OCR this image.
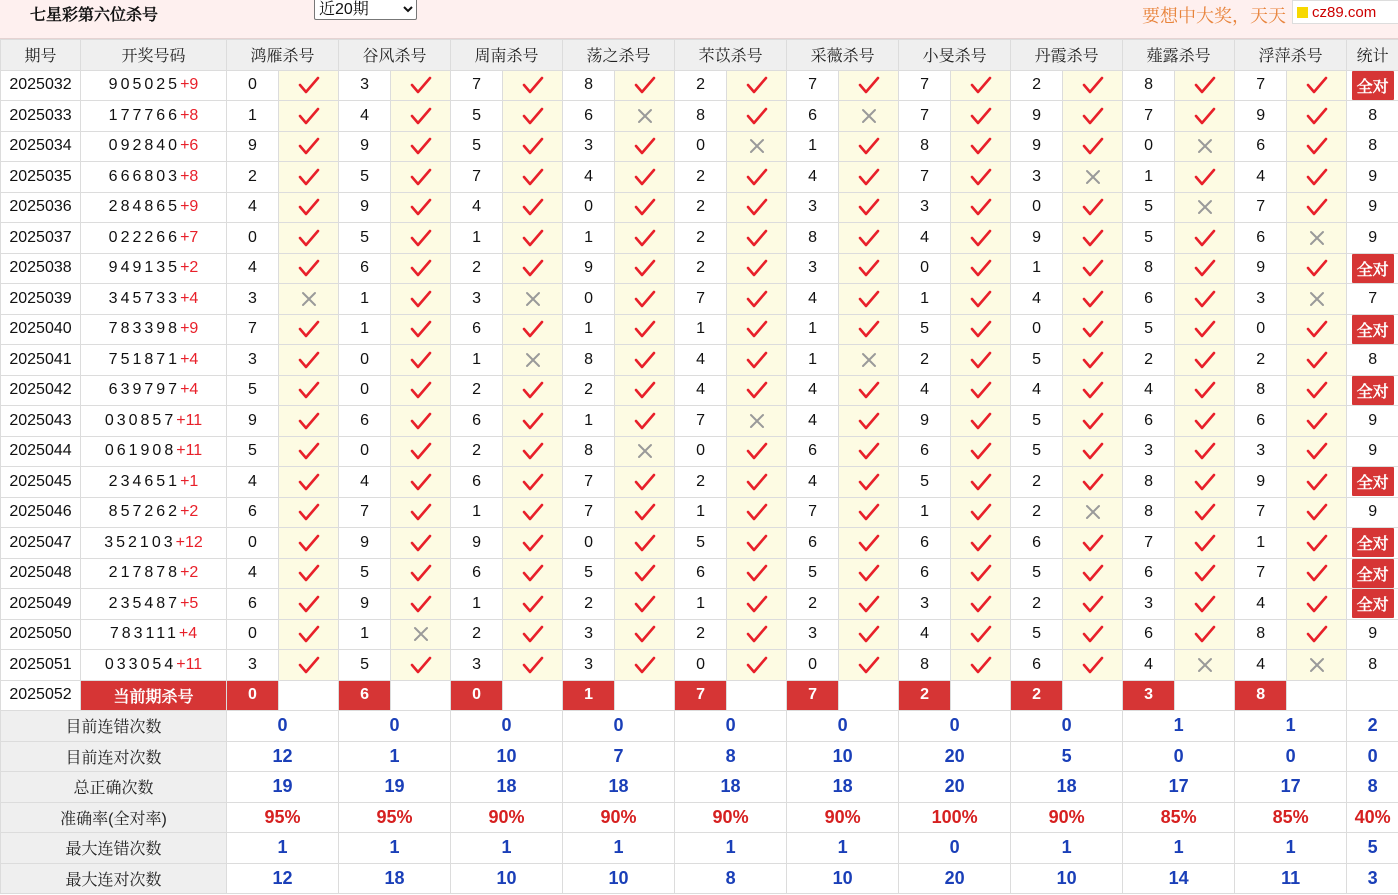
七星彩第六位杀号
近20期	要想中大奖，天天 cz89.com
期号	开奖号码	鸿雁杀号		谷风杀号		周南杀号		荡之杀号		芣苡杀号		采薇杀号		小旻杀号		丹霞杀号		薤露杀号		浮萍杀号		统计
2025032	905025+9	0		3		7		8		2		7		7		2		8		7		全对
2025033	177766+8	1		4		5		6		8		6		7		9		7		9		8
2025034	092840+6	9		9		5		3		0		1		8		9		0		6		8
2025035	666803+8	2		5		7		4		2		4		7		3		1		4		9
2025036	284865+9	4		9		4		0		2		3		3		0		5		7		9
2025037	022266+7	0		5		1		1		2		8		4		9		5		6		9
2025038	949135+2	4		6		2		9		2		3		0		1		8		9		全对
2025039	345733+4	3		1		3		0		7		4		1		4		6		3		7
2025040	783398+9	7		1		6		1		1		1		5		0		5		0		全对
2025041	751871+4	3		0		1		8		4		1		2		5		2		2		8
2025042	639797+4	5		0		2		2		4		4		4		4		4		8		全对
2025043	030857+11	9		6		6		1		7		4		9		5		6		6		9
2025044	061908+11	5		0		2		8		0		6		6		5		3		3		9
2025045	234651+1	4		4		6		7		2		4		5		2		8		9		全对
2025046	857262+2	6		7		1		7		1		7		1		2		8		7		9
2025047	352103+12	0		9		9		0		5		6		6		6		7		1		全对
2025048	217878+2	4		5		6		5		6		5		6		5		6		7		全对
2025049	235487+5	6		9		1		2		1		2		3		2		3		4		全对
2025050	783111+4	0		1		2		3		2		3		4		5		6		8		9
2025051	033054+11	3		5		3		3		0		0		8		6		4		4		8
2025052	当前期杀号	0		6		0		1		7		7		2		2		3		8		
目前连错次数		0		0		0		0		0		0		0		0		1		1		2
目前连对次数		12		1		10		7		8		10		20		5		0		0		0
总正确次数		19		19		18		18		18		18		20		18		17		17		8
准确率(全对率)		95%		95%		90%		90%		90%		90%		100%		90%		85%		85%		40%
最大连错次数		1		1		1		1		1		1		0		1		1		1		5
最大连对次数		12		18		10		10		8		10		20		10		14		11		3
